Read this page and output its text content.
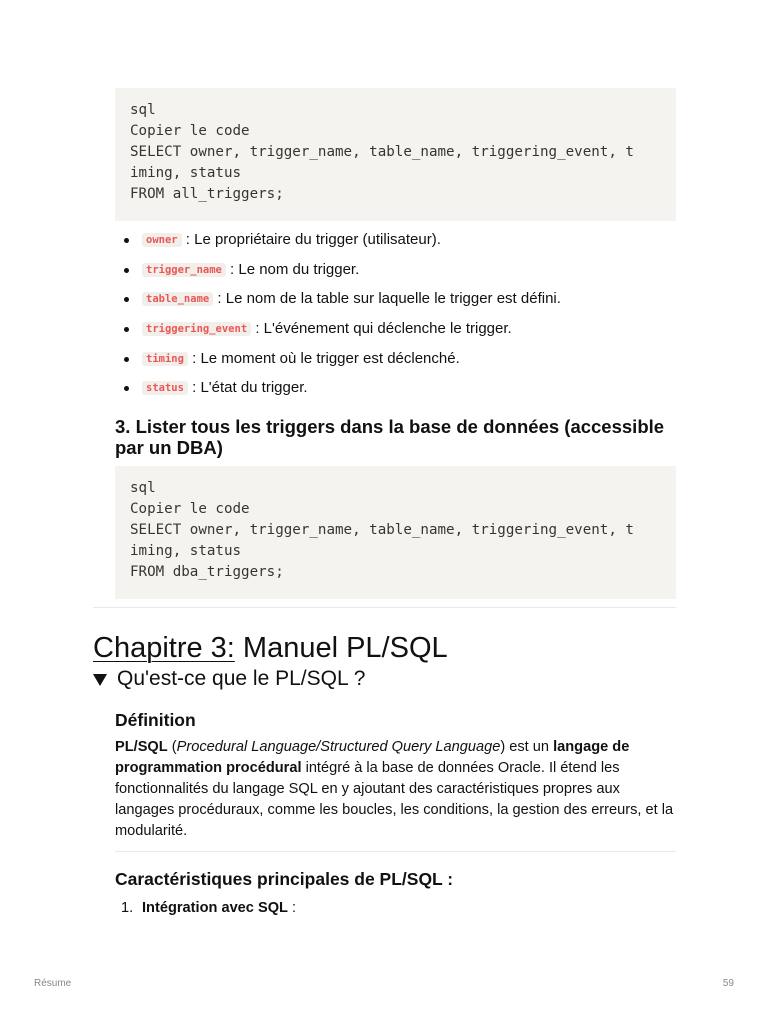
sql
Copier le code
SELECT owner, trigger_name, table_name, triggering_event, t
iming, status
FROM all_triggers;
owner : Le propriétaire du trigger (utilisateur).
trigger_name : Le nom du trigger.
table_name : Le nom de la table sur laquelle le trigger est défini.
triggering_event : L'événement qui déclenche le trigger.
timing : Le moment où le trigger est déclenché.
status : L'état du trigger.
3. Lister tous les triggers dans la base de données (accessible par un DBA)
sql
Copier le code
SELECT owner, trigger_name, table_name, triggering_event, t
iming, status
FROM dba_triggers;
Chapitre 3: Manuel PL/SQL
Qu'est-ce que le PL/SQL ?
Définition

PL/SQL (Procedural Language/Structured Query Language) est un langage de programmation procédural intégré à la base de données Oracle. Il étend les fonctionnalités du langage SQL en y ajoutant des caractéristiques propres aux langages procéduraux, comme les boucles, les conditions, la gestion des erreurs, et la modularité.

Caractéristiques principales de PL/SQL :
1. Intégration avec SQL :
Résume	59
